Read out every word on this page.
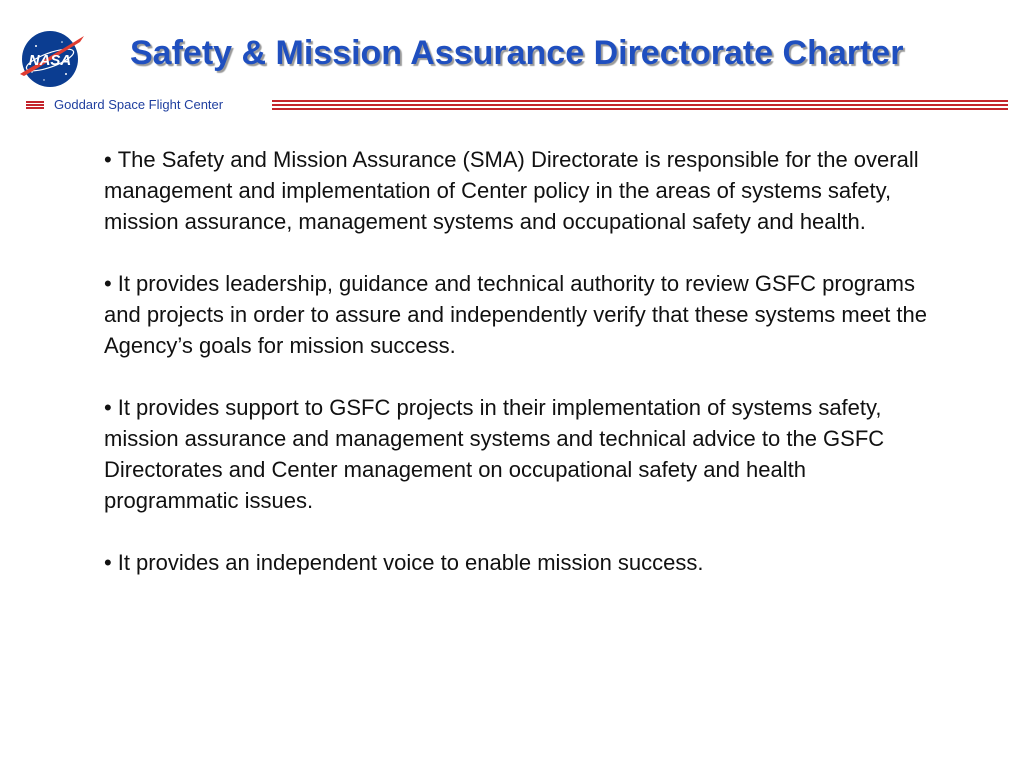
NASA Safety & Mission Assurance Directorate Charter
Goddard Space Flight Center

• The Safety and Mission Assurance (SMA) Directorate is responsible for the overall management and implementation of Center policy in the areas of systems safety, mission assurance, management systems and occupational safety and health.

• It provides leadership, guidance and technical authority to review GSFC programs and projects in order to assure and independently verify that these systems meet the Agency’s goals for mission success.

• It provides support to GSFC projects in their implementation of systems safety, mission assurance and management systems and technical advice to the GSFC Directorates and Center management on occupational safety and health programmatic issues.

• It provides an independent voice to enable mission success.
